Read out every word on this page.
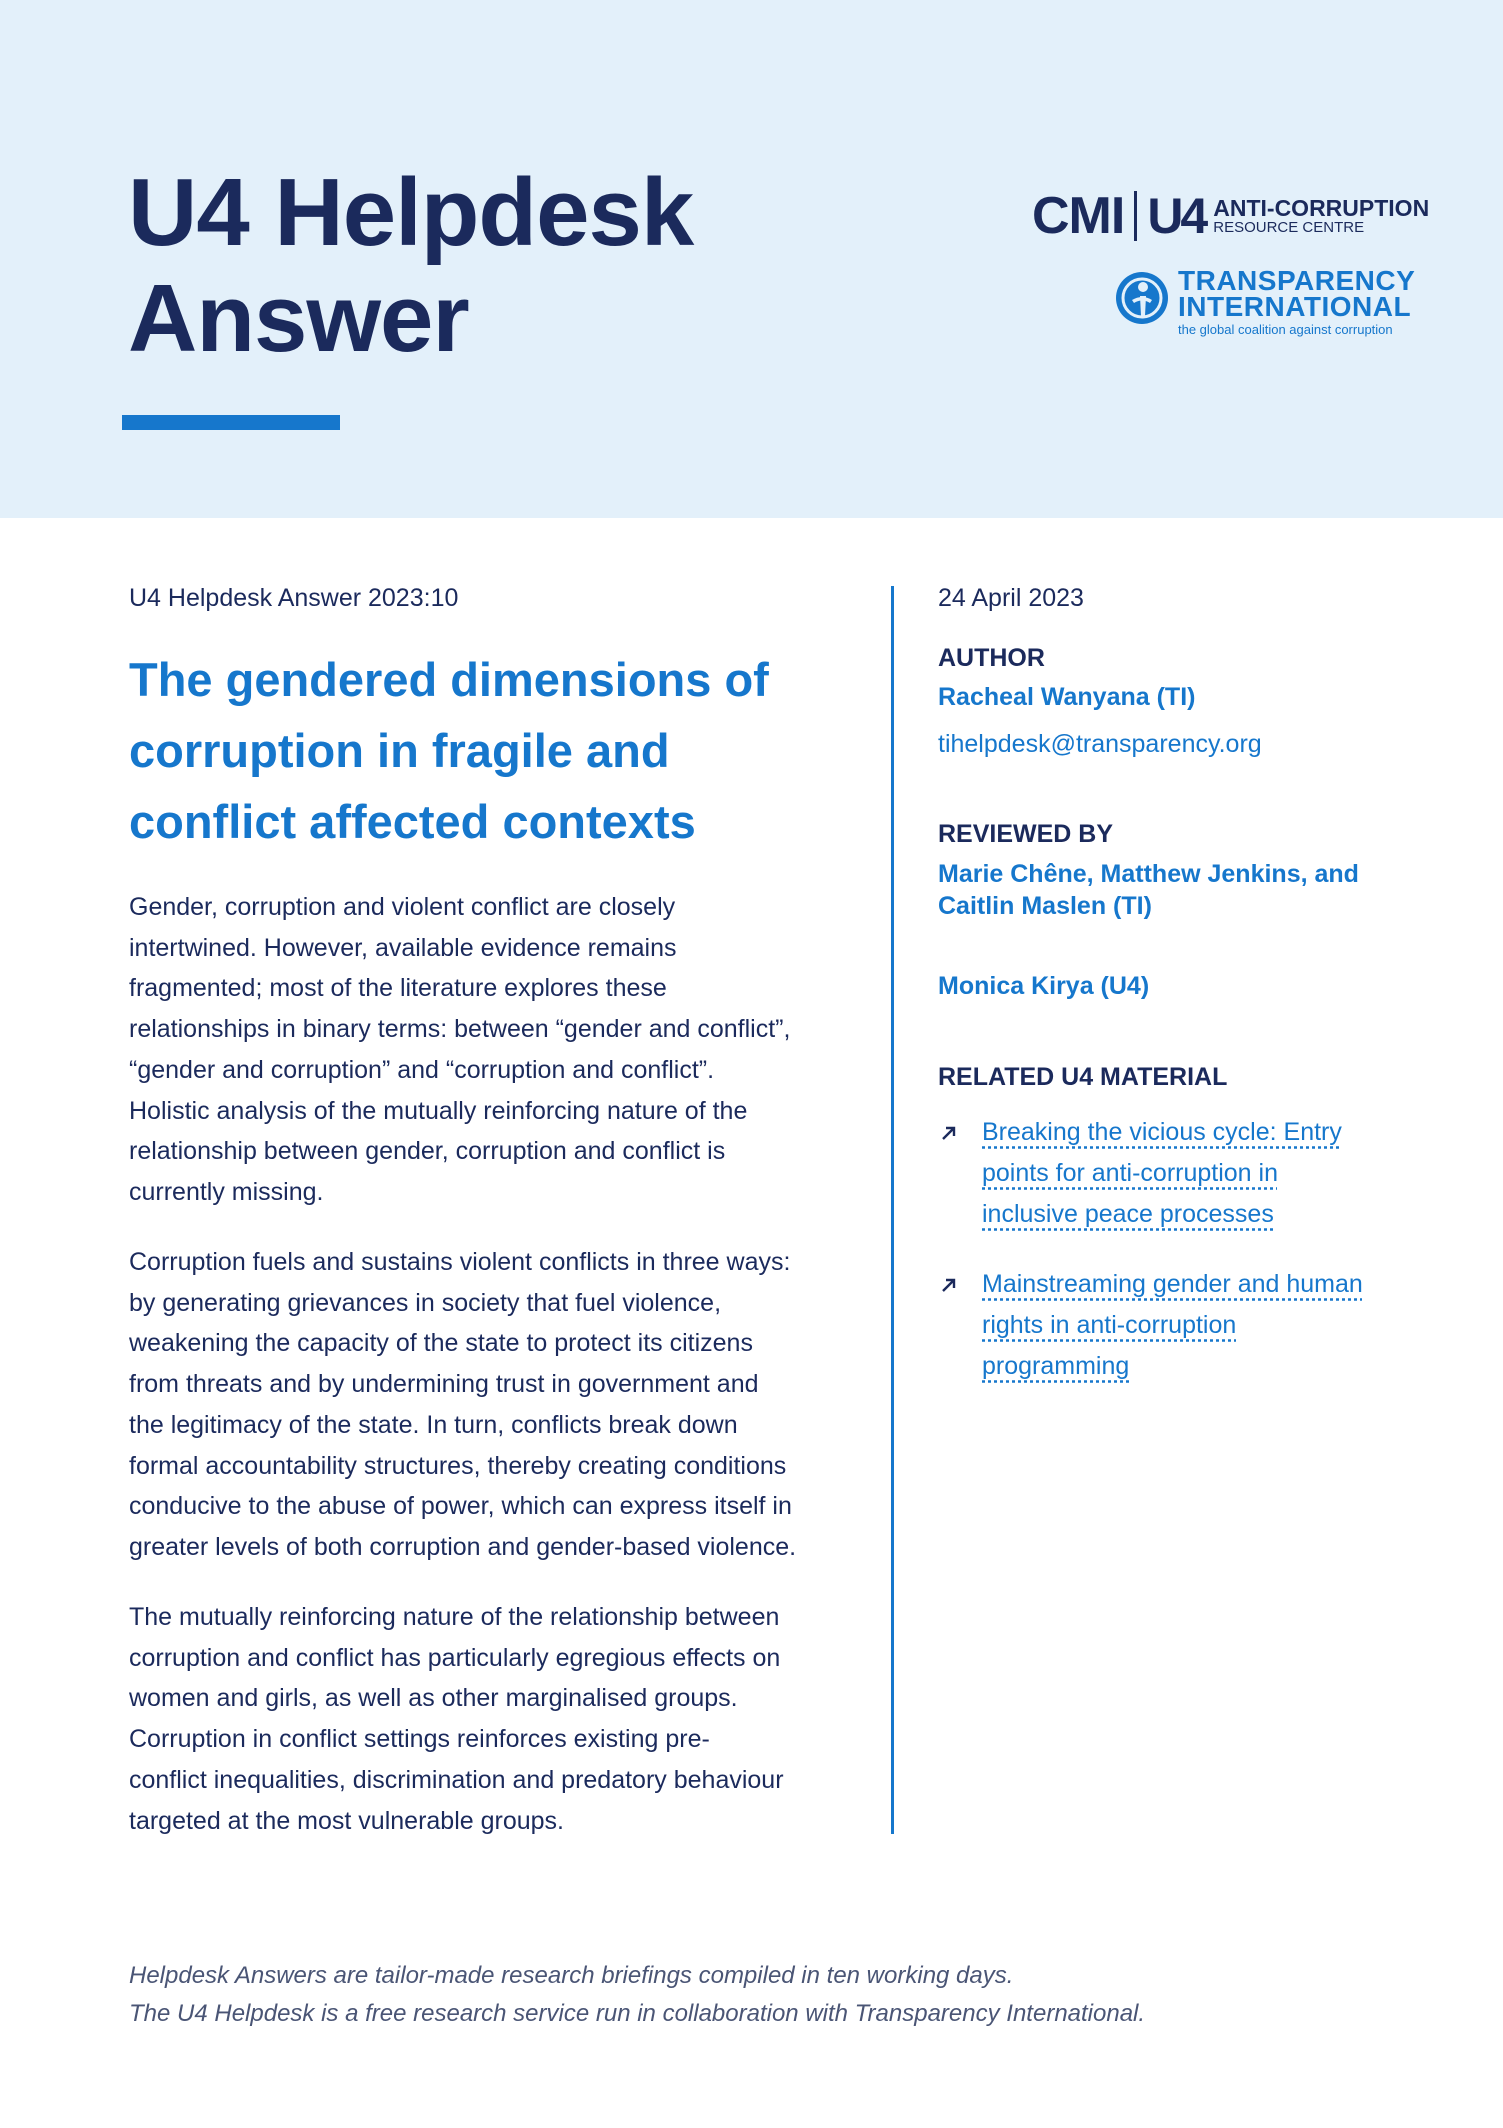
U4 Helpdesk
Answer
CMI U4 ANTI-CORRUPTION
RESOURCE CENTRE
TRANSPARENCY
INTERNATIONAL
the global coalition against corruption
U4 Helpdesk Answer 2023:10
The gendered dimensions of
corruption in fragile and
conflict affected contexts
Gender, corruption and violent conflict are closely
intertwined. However, available evidence remains
fragmented; most of the literature explores these
relationships in binary terms: between “gender and conflict”,
“gender and corruption” and “corruption and conflict”.
Holistic analysis of the mutually reinforcing nature of the
relationship between gender, corruption and conflict is
currently missing.
Corruption fuels and sustains violent conflicts in three ways:
by generating grievances in society that fuel violence,
weakening the capacity of the state to protect its citizens
from threats and by undermining trust in government and
the legitimacy of the state. In turn, conflicts break down
formal accountability structures, thereby creating conditions
conducive to the abuse of power, which can express itself in
greater levels of both corruption and gender-based violence.
The mutually reinforcing nature of the relationship between
corruption and conflict has particularly egregious effects on
women and girls, as well as other marginalised groups.
Corruption in conflict settings reinforces existing pre-
conflict inequalities, discrimination and predatory behaviour
targeted at the most vulnerable groups.
24 April 2023
AUTHOR
Racheal Wanyana (TI)
tihelpdesk@transparency.org
REVIEWED BY
Marie Chêne, Matthew Jenkins, and
Caitlin Maslen (TI)
Monica Kirya (U4)
RELATED U4 MATERIAL
Breaking the vicious cycle: Entry
points for anti-corruption in
inclusive peace processes
Mainstreaming gender and human
rights in anti-corruption
programming
Helpdesk Answers are tailor-made research briefings compiled in ten working days.
The U4 Helpdesk is a free research service run in collaboration with Transparency International.
